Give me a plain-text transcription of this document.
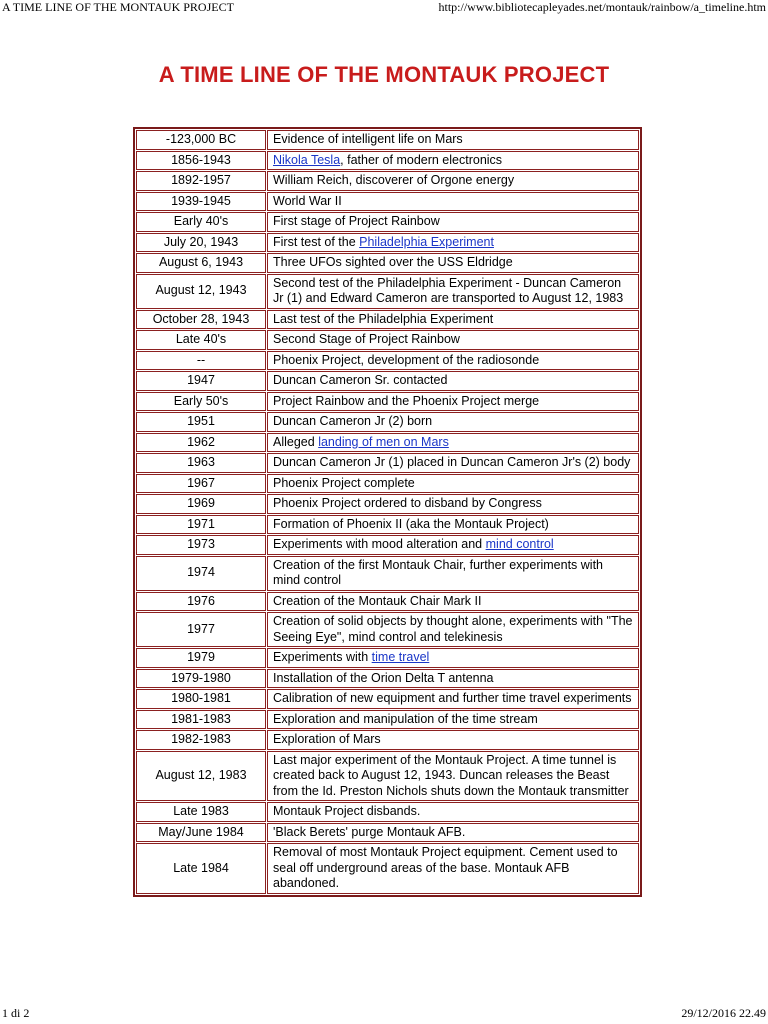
A TIME LINE OF THE MONTAUK PROJECT	http://www.bibliotecapleyades.net/montauk/rainbow/a_timeline.htm
A TIME LINE OF THE MONTAUK PROJECT
-123,000 BC	Evidence of intelligent life on Mars
1856-1943	Nikola Tesla, father of modern electronics
1892-1957	William Reich, discoverer of Orgone energy
1939-1945	World War II
Early 40's	First stage of Project Rainbow
July 20, 1943	First test of the Philadelphia Experiment
August 6, 1943	Three UFOs sighted over the USS Eldridge
August 12, 1943	Second test of the Philadelphia Experiment - Duncan Cameron Jr (1) and Edward Cameron are transported to August 12, 1983
October 28, 1943	Last test of the Philadelphia Experiment
Late 40's	Second Stage of Project Rainbow
--	Phoenix Project, development of the radiosonde
1947	Duncan Cameron Sr. contacted
Early 50's	Project Rainbow and the Phoenix Project merge
1951	Duncan Cameron Jr (2) born
1962	Alleged landing of men on Mars
1963	Duncan Cameron Jr (1) placed in Duncan Cameron Jr's (2) body
1967	Phoenix Project complete
1969	Phoenix Project ordered to disband by Congress
1971	Formation of Phoenix II (aka the Montauk Project)
1973	Experiments with mood alteration and mind control
1974	Creation of the first Montauk Chair, further experiments with mind control
1976	Creation of the Montauk Chair Mark II
1977	Creation of solid objects by thought alone, experiments with "The Seeing Eye", mind control and telekinesis
1979	Experiments with time travel
1979-1980	Installation of the Orion Delta T antenna
1980-1981	Calibration of new equipment and further time travel experiments
1981-1983	Exploration and manipulation of the time stream
1982-1983	Exploration of Mars
August 12, 1983	Last major experiment of the Montauk Project. A time tunnel is created back to August 12, 1943. Duncan releases the Beast from the Id. Preston Nichols shuts down the Montauk transmitter
Late 1983	Montauk Project disbands.
May/June 1984	'Black Berets' purge Montauk AFB.
Late 1984	Removal of most Montauk Project equipment. Cement used to seal off underground areas of the base. Montauk AFB abandoned.
1 di 2	29/12/2016 22.49
